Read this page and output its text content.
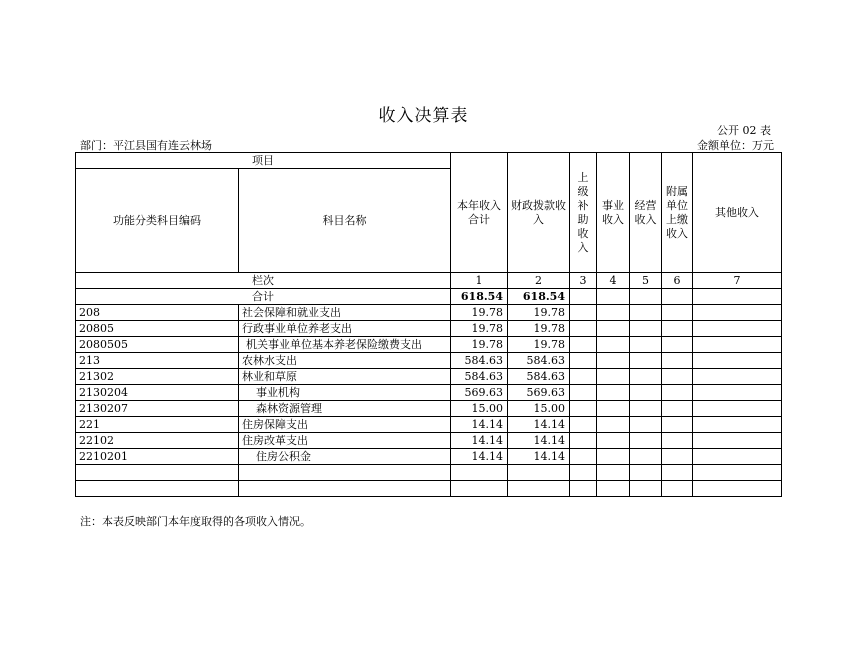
收入决算表
公开 02 表
部门：平江县国有连云林场	金额单位：万元
项目		本年收入合计	财政拨款收入	上级补助收入	事业收入	经营收入	附属单位上缴收入	其他收入
功能分类科目编码	科目名称							
栏次		1	2	3	4	5	6	7
合计		618.54	618.54					
208	社会保障和就业支出	19.78	19.78					
20805	行政事业单位养老支出	19.78	19.78					
2080505	机关事业单位基本养老保险缴费支出	19.78	19.78					
213	农林水支出	584.63	584.63					
21302	林业和草原	584.63	584.63					
2130204	事业机构	569.63	569.63					
2130207	森林资源管理	15.00	15.00					
221	住房保障支出	14.14	14.14					
22102	住房改革支出	14.14	14.14					
2210201	住房公积金	14.14	14.14					

注：本表反映部门本年度取得的各项收入情况。
